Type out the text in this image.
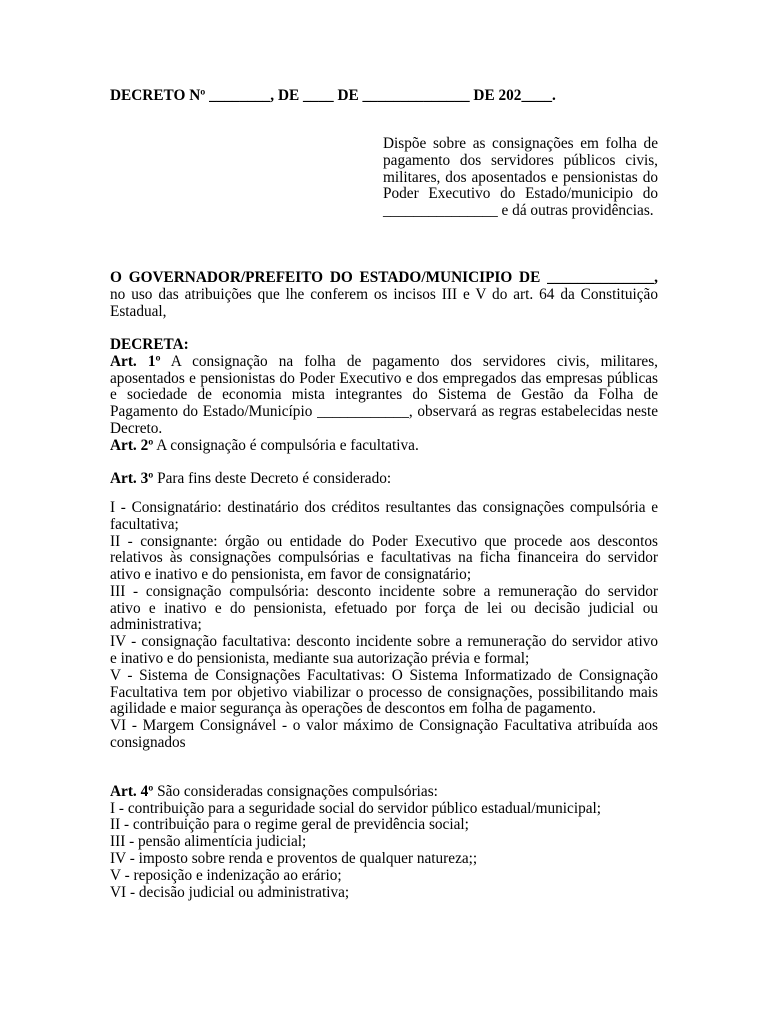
DECRETO Nº ________, DE ____ DE ______________ DE 202____.
Dispõe sobre as consignações em folha de
pagamento dos servidores públicos civis,
militares, dos aposentados e pensionistas do
Poder Executivo do Estado/municipio do
_______________ e dá outras providências.
O GOVERNADOR/PREFEITO DO ESTADO/MUNICIPIO DE ______________,
no uso das atribuições que lhe conferem os incisos III e V do art. 64 da Constituição
Estadual,
DECRETA:
Art. 1º A consignação na folha de pagamento dos servidores civis, militares,
aposentados e pensionistas do Poder Executivo e dos empregados das empresas públicas
e sociedade de economia mista integrantes do Sistema de Gestão da Folha de
Pagamento do Estado/Município ____________, observará as regras estabelecidas neste
Decreto.
Art. 2º A consignação é compulsória e facultativa.
Art. 3º Para fins deste Decreto é considerado:
I - Consignatário: destinatário dos créditos resultantes das consignações compulsória e
facultativa;
II - consignante: órgão ou entidade do Poder Executivo que procede aos descontos
relativos às consignações compulsórias e facultativas na ficha financeira do servidor
ativo e inativo e do pensionista, em favor de consignatário;
III - consignação compulsória: desconto incidente sobre a remuneração do servidor
ativo e inativo e do pensionista, efetuado por força de lei ou decisão judicial ou
administrativa;
IV - consignação facultativa: desconto incidente sobre a remuneração do servidor ativo
e inativo e do pensionista, mediante sua autorização prévia e formal;
V - Sistema de Consignações Facultativas: O Sistema Informatizado de Consignação
Facultativa tem por objetivo viabilizar o processo de consignações, possibilitando mais
agilidade e maior segurança às operações de descontos em folha de pagamento.
VI - Margem Consignável - o valor máximo de Consignação Facultativa atribuída aos
consignados
Art. 4º São consideradas consignações compulsórias:
I - contribuição para a seguridade social do servidor público estadual/municipal;
II - contribuição para o regime geral de previdência social;
III - pensão alimentícia judicial;
IV - imposto sobre renda e proventos de qualquer natureza;;
V - reposição e indenização ao erário;
VI - decisão judicial ou administrativa;
